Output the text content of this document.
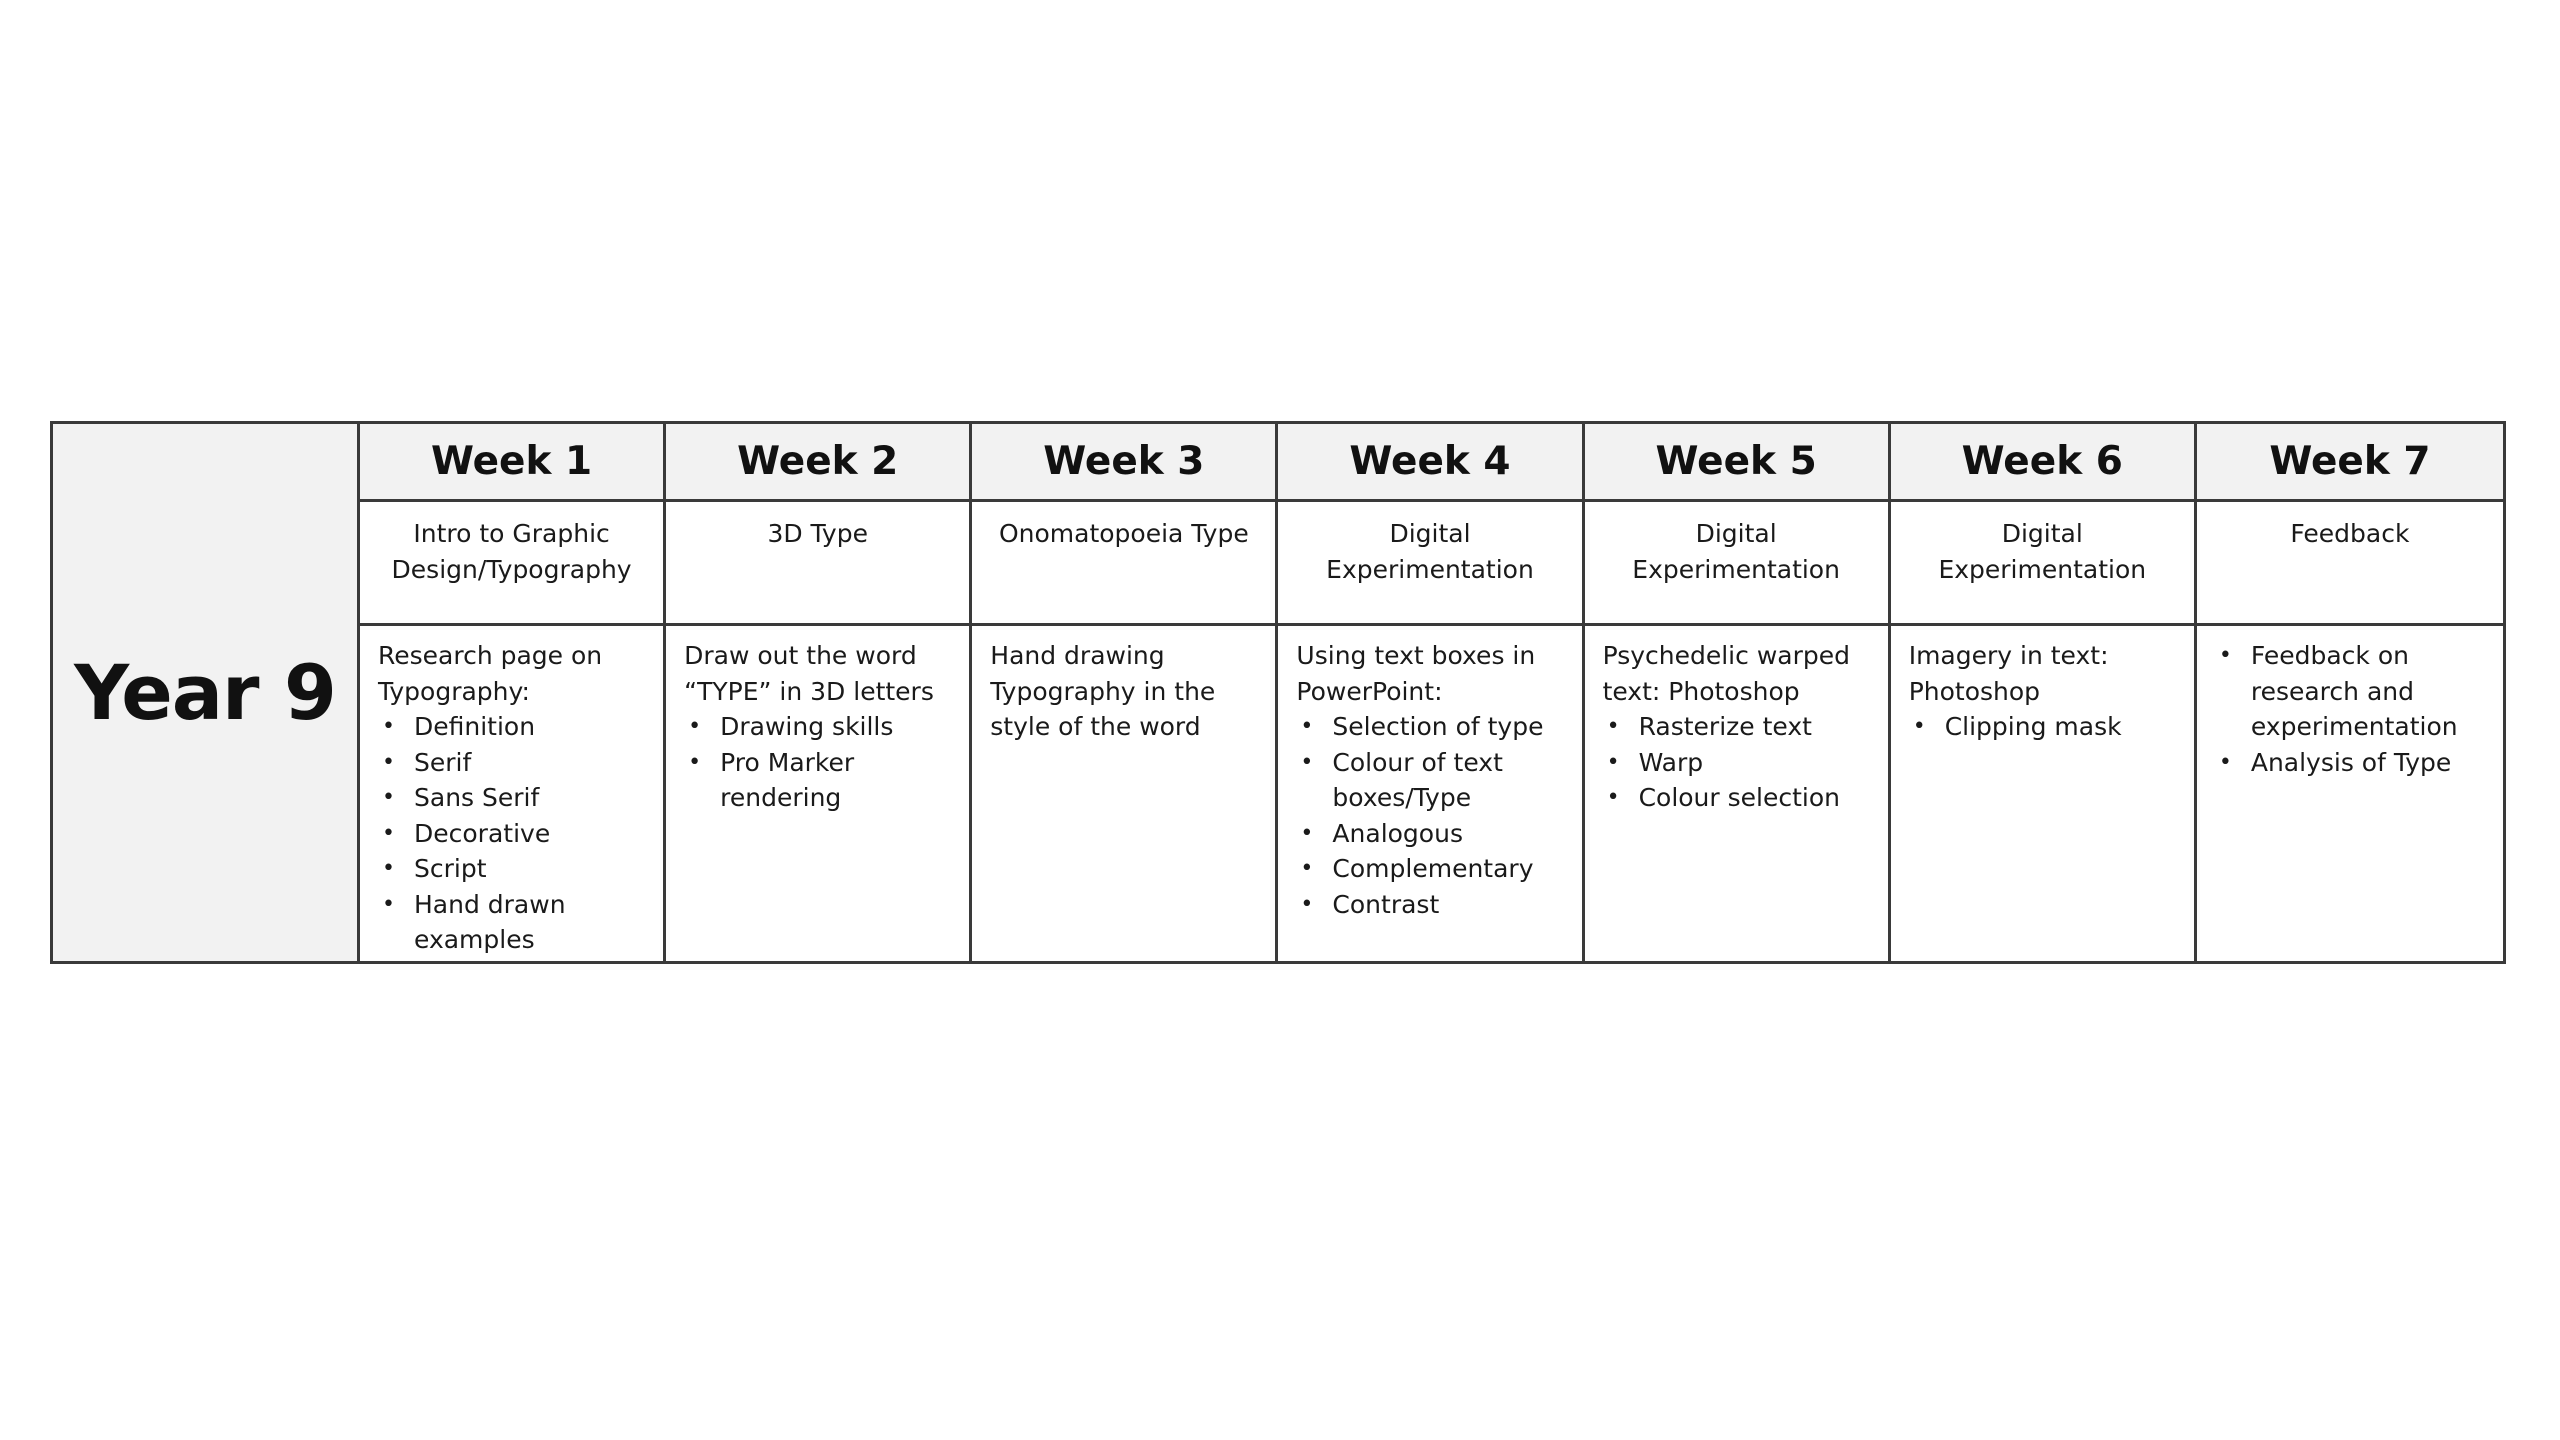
Year 9
Week 1
Intro to Graphic Design/Typography
Research page on Typography:
• Definition
• Serif
• Sans Serif
• Decorative
• Script
• Hand drawn examples
Week 2
3D Type
Draw out the word “TYPE” in 3D letters
• Drawing skills
• Pro Marker rendering
Week 3
Onomatopoeia Type
Hand drawing Typography in the style of the word
Week 4
Digital Experimentation
Using text boxes in PowerPoint:
• Selection of type
• Colour of text boxes/Type
• Analogous
• Complementary
• Contrast
Week 5
Digital Experimentation
Psychedelic warped text: Photoshop
• Rasterize text
• Warp
• Colour selection
Week 6
Digital Experimentation
Imagery in text: Photoshop
• Clipping mask
Week 7
Feedback
• Feedback on research and experimentation
• Analysis of Type
